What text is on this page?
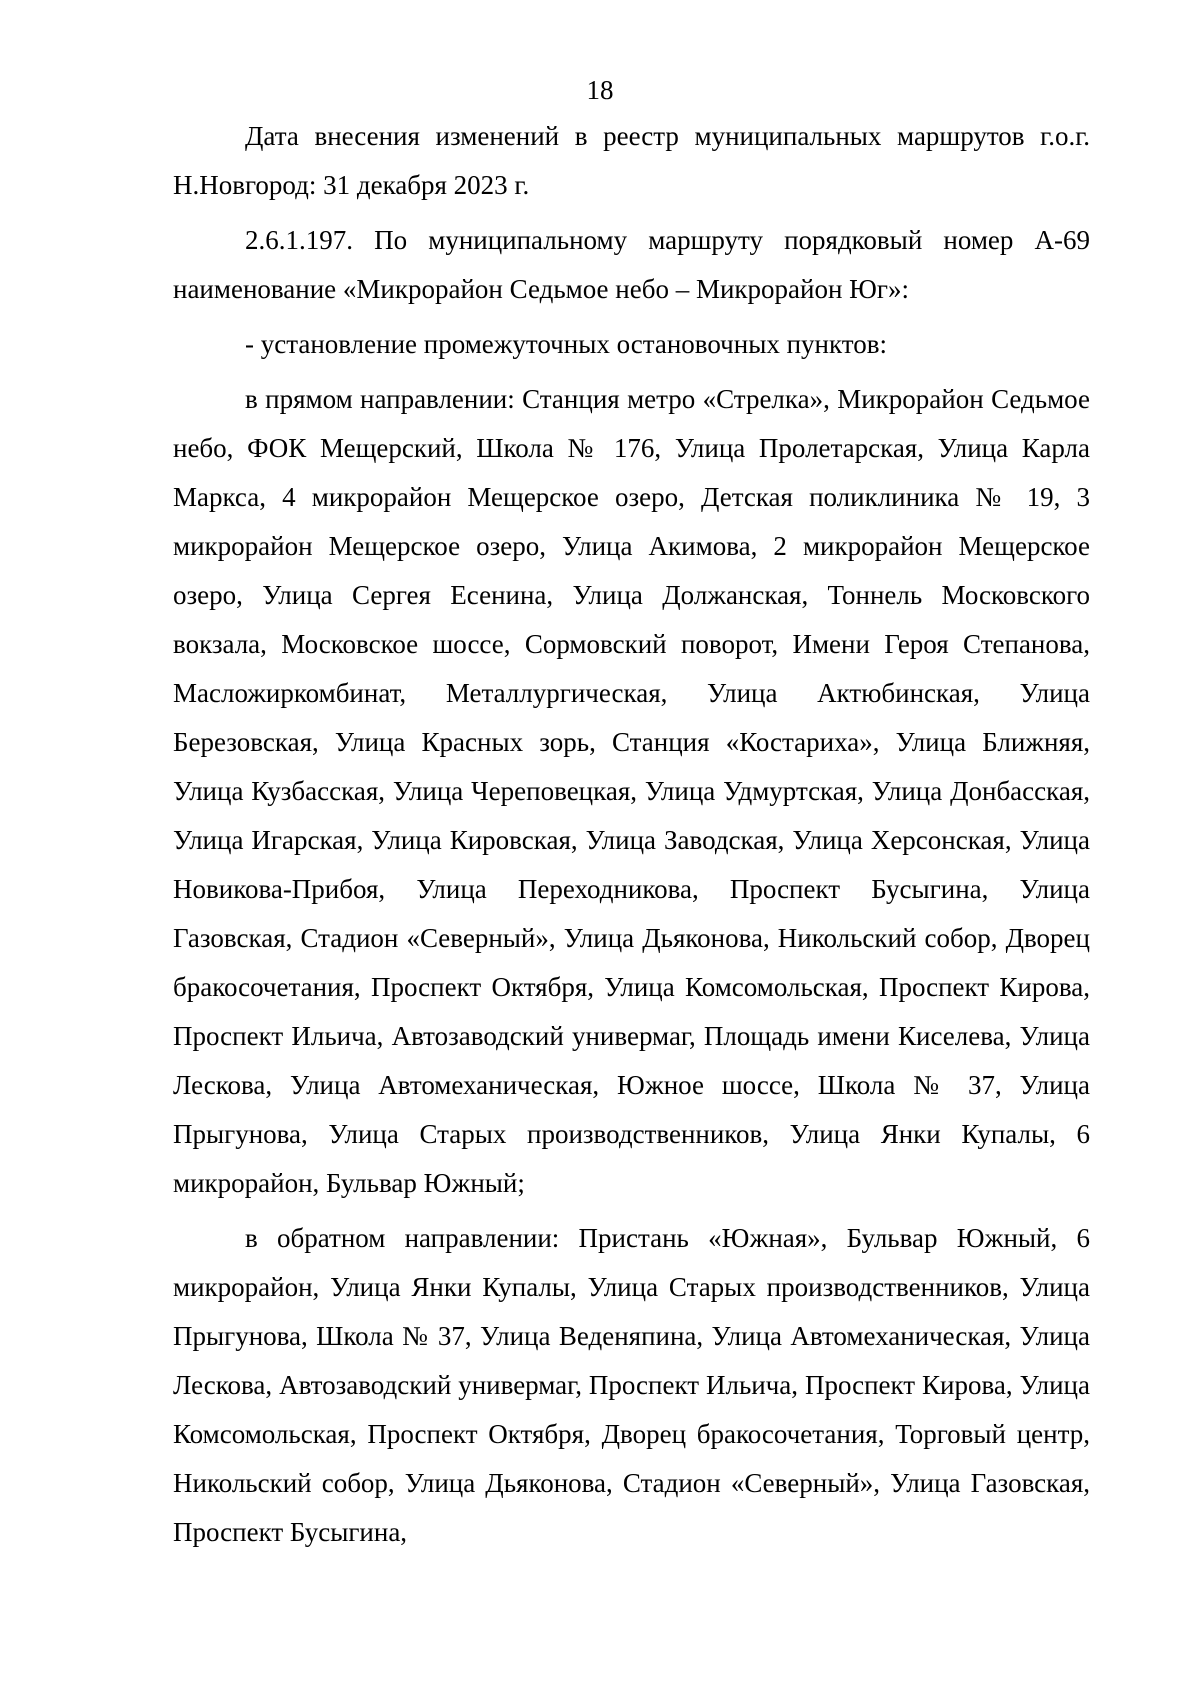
18

Дата внесения изменений в реестр муниципальных маршрутов г.о.г. Н.Новгород: 31 декабря 2023 г.

2.6.1.197. По муниципальному маршруту порядковый номер А-69 наименование «Микрорайон Седьмое небо – Микрорайон Юг»:

- установление промежуточных остановочных пунктов:

в прямом направлении: Станция метро «Стрелка», Микрорайон Седьмое небо, ФОК Мещерский, Школа № 176, Улица Пролетарская, Улица Карла Маркса, 4 микрорайон Мещерское озеро, Детская поликлиника № 19, 3 микрорайон Мещерское озеро, Улица Акимова, 2 микрорайон Мещерское озеро, Улица Сергея Есенина, Улица Должанская, Тоннель Московского вокзала, Московское шоссе, Сормовский поворот, Имени Героя Степанова, Масложиркомбинат, Металлургическая, Улица Актюбинская, Улица Березовская, Улица Красных зорь, Станция «Костариха», Улица Ближняя, Улица Кузбасская, Улица Череповецкая, Улица Удмуртская, Улица Донбасская, Улица Игарская, Улица Кировская, Улица Заводская, Улица Херсонская, Улица Новикова-Прибоя, Улица Переходникова, Проспект Бусыгина, Улица Газовская, Стадион «Северный», Улица Дьяконова, Никольский собор, Дворец бракосочетания, Проспект Октября, Улица Комсомольская, Проспект Кирова, Проспект Ильича, Автозаводский универмаг, Площадь имени Киселева, Улица Лескова, Улица Автомеханическая, Южное шоссе, Школа № 37, Улица Прыгунова, Улица Старых производственников, Улица Янки Купалы, 6 микрорайон, Бульвар Южный;

в обратном направлении: Пристань «Южная», Бульвар Южный, 6 микрорайон, Улица Янки Купалы, Улица Старых производственников, Улица Прыгунова, Школа № 37, Улица Веденяпина, Улица Автомеханическая, Улица Лескова, Автозаводский универмаг, Проспект Ильича, Проспект Кирова, Улица Комсомольская, Проспект Октября, Дворец бракосочетания, Торговый центр, Никольский собор, Улица Дьяконова, Стадион «Северный», Улица Газовская, Проспект Бусыгина,
